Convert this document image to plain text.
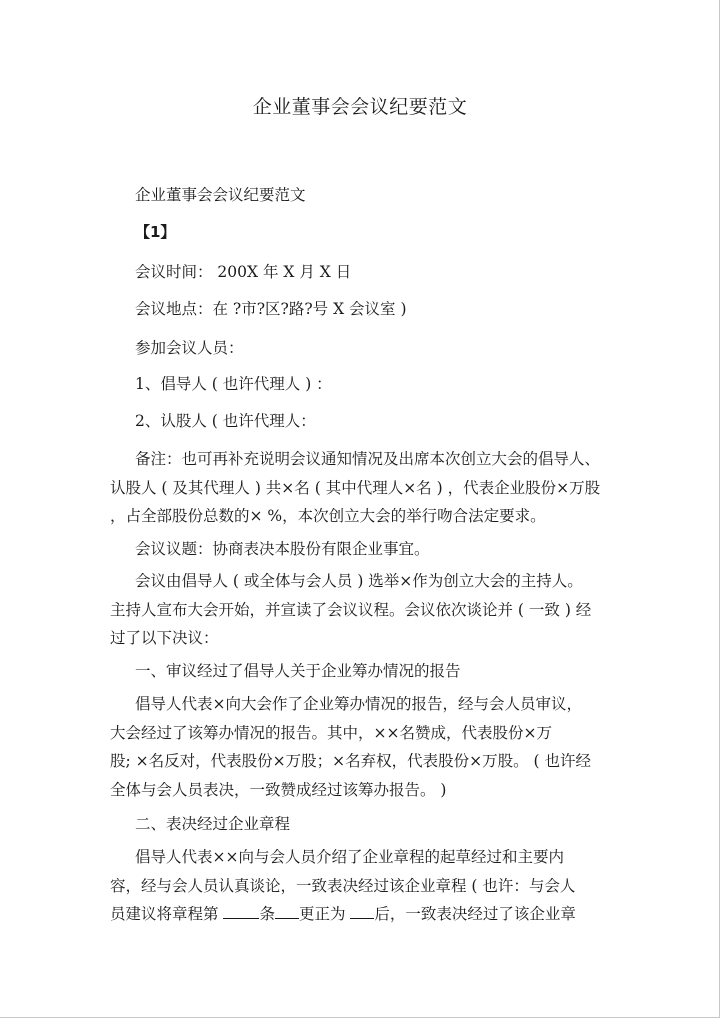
企业董事会会议纪要范文
企业董事会会议纪要范文
【1】
会议时间： 200X 年 X 月 X 日
会议地点：在 ?市?区?路?号 X 会议室 )
参加会议人员：
1、倡导人 ( 也许代理人 ) ：
2、认股人 ( 也许代理人：
备注：也可再补充说明会议通知情况及出席本次创立大会的倡导人、
认股人 ( 及其代理人 ) 共×名 ( 其中代理人×名 ) ，代表企业股份×万股
，占全部股份总数的× %，本次创立大会的举行吻合法定要求。
会议议题：协商表决本股份有限企业事宜。
会议由倡导人 ( 或全体与会人员 ) 选举×作为创立大会的主持人。
主持人宣布大会开始，并宣读了会议议程。会议依次谈论并 ( 一致 ) 经
过了以下决议：
一、审议经过了倡导人关于企业筹办情况的报告
倡导人代表×向大会作了企业筹办情况的报告，经与会人员审议，
大会经过了该筹办情况的报告。其中，××名赞成，代表股份×万
股; ×名反对，代表股份×万股；×名弃权，代表股份×万股。 ( 也许经
全体与会人员表决，一致赞成经过该筹办报告。 )
二、表决经过企业章程
倡导人代表××向与会人员介绍了企业章程的起草经过和主要内
容，经与会人员认真谈论，一致表决经过该企业章程 ( 也许：与会人
员建议将章程第 条 更正为 后，一致表决经过了该企业章
